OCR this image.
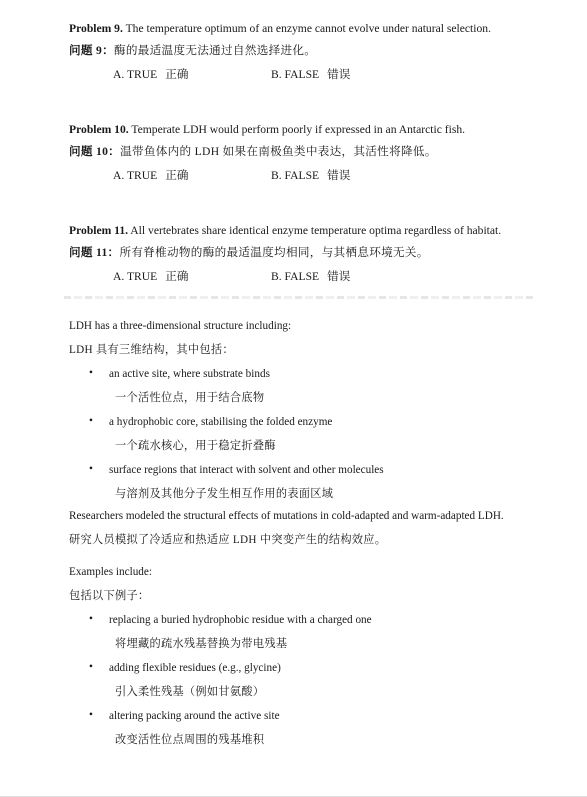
Problem 9. The temperature optimum of an enzyme cannot evolve under natural selection.
问题 9：酶的最适温度无法通过自然选择进化。
A. TRUE 正确	B. FALSE 错误
Problem 10. Temperate LDH would perform poorly if expressed in an Antarctic fish.
问题 10：温带鱼体内的 LDH 如果在南极鱼类中表达，其活性将降低。
A. TRUE 正确	B. FALSE 错误
Problem 11. All vertebrates share identical enzyme temperature optima regardless of habitat.
问题 11：所有脊椎动物的酶的最适温度均相同，与其栖息环境无关。
A. TRUE 正确	B. FALSE 错误
LDH has a three-dimensional structure including:
LDH 具有三维结构，其中包括：
• an active site, where substrate binds
一个活性位点，用于结合底物
• a hydrophobic core, stabilising the folded enzyme
一个疏水核心，用于稳定折叠酶
• surface regions that interact with solvent and other molecules
与溶剂及其他分子发生相互作用的表面区域
Researchers modeled the structural effects of mutations in cold-adapted and warm-adapted LDH.
研究人员模拟了冷适应和热适应 LDH 中突变产生的结构效应。
Examples include:
包括以下例子：
• replacing a buried hydrophobic residue with a charged one
将埋藏的疏水残基替换为带电残基
• adding flexible residues (e.g., glycine)
引入柔性残基（例如甘氨酸）
• altering packing around the active site
改变活性位点周围的残基堆积
